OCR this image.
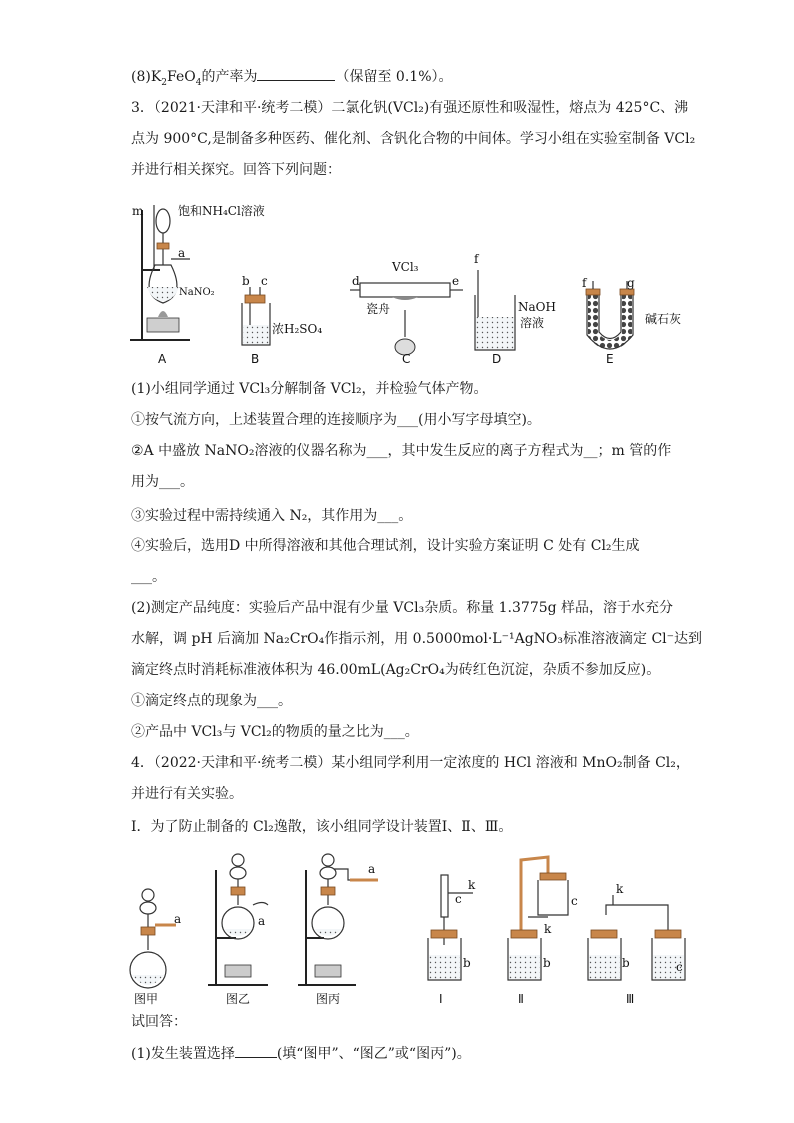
$(8)K_2FeO_4$的产率为	（保留至 0.1%）。
3．（2021·天津和平·统考二模）二氯化钒(VCl₂)有强还原性和吸湿性，熔点为 425°C、沸
点为 900°C,是制备多种医药、催化剂、含钒化合物的中间体。学习小组在实验室制备 VCl₂
并进行相关探究。回答下列问题：
m	饱和NH₄Cl溶液
a
NaNO₂
A
b c
浓H₂SO₄
B
VCl₃
d	e
瓷舟
C
f
NaOH
溶液
D
f	g
碱石灰
E
(1)小组同学通过 VCl₃分解制备 VCl₂，并检验气体产物。
①按气流方向，上述装置合理的连接顺序为___(用小写字母填空)。
②A 中盛放 NaNO₂溶液的仪器名称为___，其中发生反应的离子方程式为__；m 管的作
用为___。
③实验过程中需持续通入 N₂，其作用为___。
④实验后，选用D 中所得溶液和其他合理试剂，设计实验方案证明 C 处有 Cl₂生成
___。
(2)测定产品纯度：实验后产品中混有少量 VCl₃杂质。称量 1.3775g 样品，溶于水充分
水解，调 pH 后滴加 Na₂CrO₄作指示剂，用 0.5000mol·L⁻¹AgNO₃标准溶液滴定 Cl⁻达到
滴定终点时消耗标准液体积为 46.00mL(Ag₂CrO₄为砖红色沉淀，杂质不参加反应)。
①滴定终点的现象为___。
②产品中 VCl₃与 VCl₂的物质的量之比为___。
4．（2022·天津和平·统考二模）某小组同学利用一定浓度的 HCl 溶液和 MnO₂制备 Cl₂，
并进行有关实验。
Ⅰ．为了防止制备的 Cl₂逸散，该小组同学设计装置Ⅰ、Ⅱ、Ⅲ。
a
图甲
a
图乙
a
图丙
c
k
b
Ⅰ
c
k
b
Ⅱ
k
b	c
Ⅲ
试回答：
(1)发生装置选择	(填“图甲”、“图乙”或“图丙”)。
